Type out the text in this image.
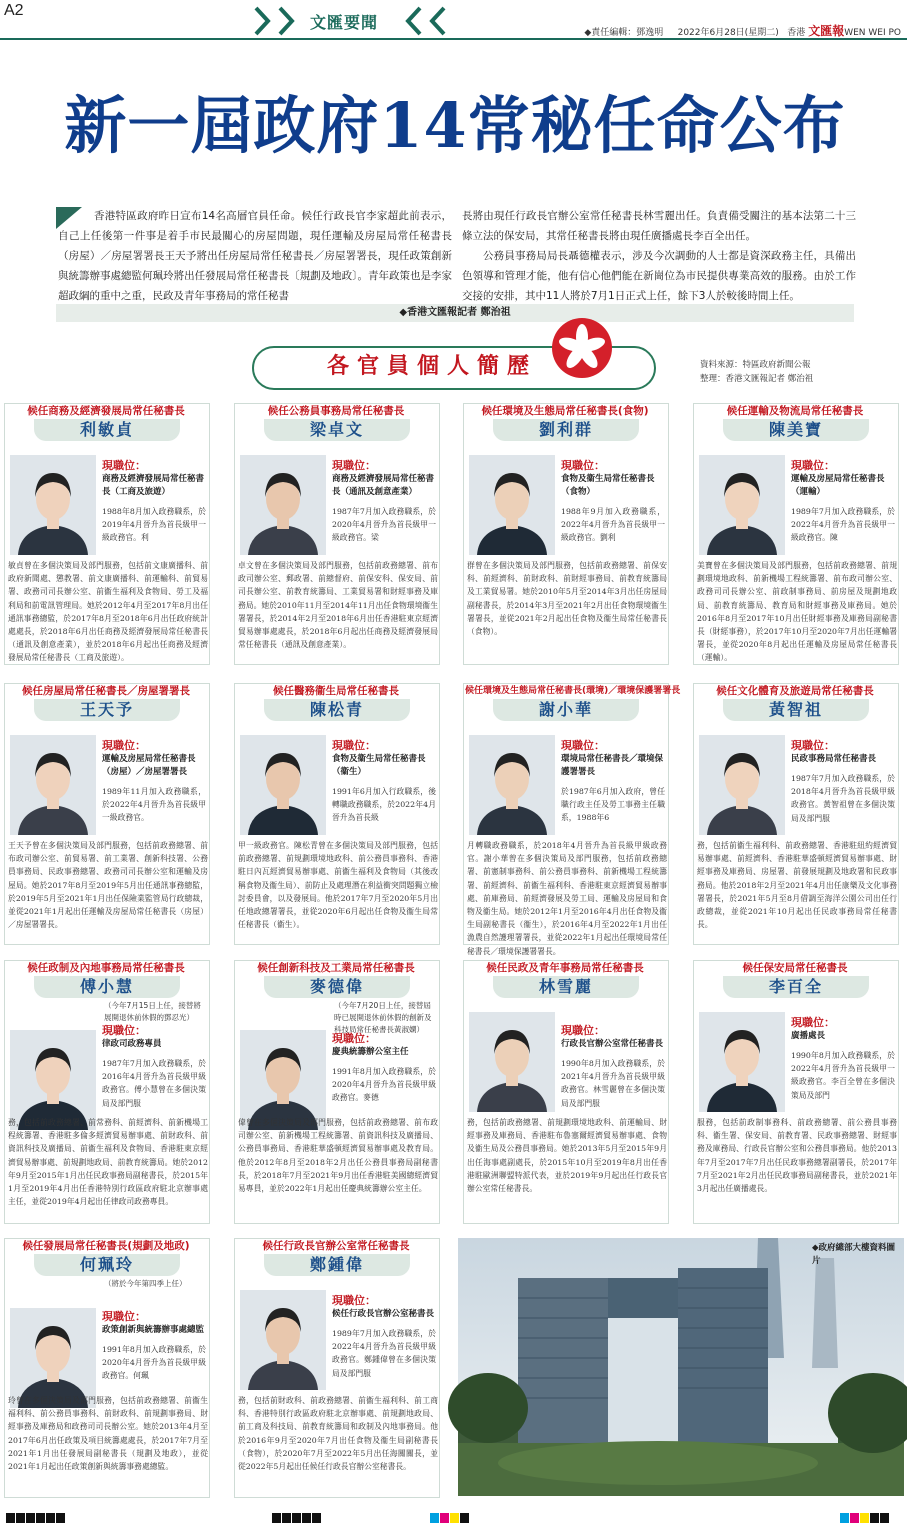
A2
文匯要聞
◆責任編輯：鄧逸明 2022年6月28日(星期二) 香港 文匯報WEN WEI PO
新一屆政府14常秘任命公布

香港特區政府昨日宣布14名高層官員任命。候任行政長官李家超此前表示，自己上任後第一件事是着手市民最關心的房屋問題，現任運輸及房屋局常任秘書長（房屋）／房屋署署長王天予將出任房屋局常任秘書長／房屋署署長，現任政策創新與統籌辦事處總監何珮玲將出任發展局常任秘書長〔規劃及地政〕。青年政策也是李家超政綱的重中之重，民政及青年事務局的常任秘書

長將由現任行政長官辦公室常任秘書長林雪麗出任。負責備受關注的基本法第二十三條立法的保安局，其常任秘書長將由現任廣播處長李百全出任。

公務員事務局局長聶德權表示，涉及今次調動的人士都是資深政務主任，具備出色領導和管理才能，他有信心他們能在新崗位為市民提供專業高效的服務。由於工作交接的安排，其中11人將於7月1日正式上任，餘下3人於較後時間上任。

◆香港文匯報記者 鄭治祖
各官員個人簡歷	資料來源：特區政府新聞公報
整理：香港文匯報記者 鄭治祖
候任商務及經濟發展局常任秘書長
利敏貞
現職位：
商務及經濟發展局常任秘書長（工商及旅遊）
1988年8月加入政務職系，於2019年4月晉升為首長級甲一級政務官。利
敏貞曾在多個決策局及部門服務，包括前文康廣播科、前政府新聞處、懲教署、前文康廣播科、前運輸科、前貿易署、政務司司長辦公室、前衞生福利及食物局、勞工及福利局和前電訊管理局。她於2012年4月至2017年8月出任通訊事務總監，於2017年8月至2018年6月出任政府統計處處長，於2018年6月出任商務及經濟發展局常任秘書長（通訊及創意產業），並於2018年6月起出任商務及經濟發展局常任秘書長（工商及旅遊）。
候任公務員事務局常任秘書長
梁卓文
現職位：
商務及經濟發展局常任秘書長（通訊及創意產業）
1987年7月加入政務職系，於2020年4月晉升為首長級甲一級政務官。梁
卓文曾在多個決策局及部門服務，包括前政務總署、前布政司辦公室、郵政署、前總督府、前保安科、保安局、前司長辦公室、前教育統籌局、工業貿易署和財經事務及庫務局。她於2010年11月至2014年11月出任食物環境衞生署署長，於2014年2月至2018年6月出任香港駐東京經濟貿易辦事處處長，於2018年6月起出任商務及經濟發展局常任秘書長（通訊及創意產業）。
候任環境及生態局常任秘書長(食物)
劉利群
現職位：
食物及衞生局常任秘書長（食物）
1988年9月加入政務職系，2022年4月晉升為首長級甲一級政務官。劉利
群曾在多個決策局及部門服務，包括前政務總署、前保安科、前經濟科、前財政科、前財經事務局、前教育統籌局及工業貿易署。她於2010年5月至2014年3月出任房屋局副秘書長，於2014年3月至2021年2月出任食物環境衞生署署長，並從2021年2月起出任食物及衞生局常任秘書長（食物）。
候任運輸及物流局常任秘書長
陳美寶
現職位：
運輸及房屋局常任秘書長（運輸）
1989年7月加入政務職系，於2022年4月晉升為首長級甲一級政務官。陳
美寶曾在多個決策局及部門服務，包括前政務總署、前規劃環境地政科、前新機場工程統籌署、前布政司辦公室、政務司司長辦公室、前政制事務局、前房屋及規劃地政局、前教育統籌局、教育局和財經事務及庫務局。她於2016年8月至2017年10月出任財經事務及庫務局副秘書長（財經事務），於2017年10月至2020年7月出任運輸署署長，並從2020年8月起出任運輸及房屋局常任秘書長（運輸）。
候任房屋局常任秘書長／房屋署署長
王天予
現職位：
運輸及房屋局常任秘書長（房屋）／房屋署署長
1989年11月加入政務職系，於2022年4月晉升為首長級甲一級政務官。
王天予曾在多個決策局及部門服務，包括前政務總署、前布政司辦公室、前貿易署、前工業署、創新科技署、公務員事務局、民政事務總署、政務司司長辦公室和運輸及房屋局。她於2017年8月至2019年5月出任通訊事務總監，於2019年5月至2021年1月出任保險業監管局行政總裁，並從2021年1月起出任運輸及房屋局常任秘書長（房屋）／房屋署署長。
候任醫務衞生局常任秘書長
陳松青
現職位：
食物及衞生局常任秘書長（衞生）
1991年6月加入行政職系，後轉職政務職系，於2022年4月晉升為首長級
甲一級政務官。陳松青曾在多個決策局及部門服務，包括前政務總署、前規劃環境地政科、前公務員事務科、香港駐日內瓦經濟貿易辦事處、前衞生福利及食物局（其後改稱食物及衞生局）、前防止及處理潛在利益衝突問題獨立檢討委員會，以及發展局。他於2017年7月至2020年5月出任地政總署署長，並從2020年6月起出任食物及衞生局常任秘書長（衞生）。
候任環境及生態局常任秘書長(環境)／環境保護署署長
謝小華
現職位：
環境局常任秘書長／環境保護署署長
於1987年6月加入政府，曾任職行政主任及勞工事務主任職系，1988年6
月轉職政務職系，於2018年4月晉升為首長級甲級政務官。謝小華曾在多個決策局及部門服務，包括前政務總署、前憲制事務科、前公務員事務科、前新機場工程統籌署、前經濟科、前衞生福利科、香港駐東京經濟貿易辦事處、前庫務局、前經濟發展及勞工局、運輸及房屋局和食物及衞生局。她於2012年1月至2016年4月出任食物及衞生局副秘書長（衞生），於2016年4月至2022年1月出任漁農自然護理署署長，並從2022年1月起出任環境局常任秘書長／環境保護署署長。
候任文化體育及旅遊局常任秘書長
黃智祖
現職位：
民政事務局常任秘書長
1987年7月加入政務職系，於2018年4月晉升為首長級甲級政務官。黃智祖曾在多個決策局及部門服
務，包括前衞生福利科、前政務總署、香港駐紐約經濟貿易辦事處、前經濟科、香港駐華盛頓經濟貿易辦事處、財經事務及庫務局、房屋署、前發展規劃及地政署和民政事務局。他於2018年2月至2021年4月出任康樂及文化事務署署長，於2021年5月至8月借調至海洋公園公司出任行政總裁，並從2021年10月起出任民政事務局常任秘書長。
候任政制及內地事務局常任秘書長
傅小慧
（今年7月15日上任，接替將展開退休前休假的鄧忍光）
現職位：
律政司政務專員
1987年7月加入政務職系，於2016年4月晉升為首長級甲級政務官。傅小慧曾在多個決策局及部門服
務，包括前政務總署、前常務科、前經濟科、前新機場工程統籌署、香港駐多倫多經濟貿易辦事處、前財政科、前資訊科技及廣播局、前衞生福利及食物局、香港駐東京經濟貿易辦事處、前規劃地政局、前教育統籌局。她於2012年9月至2015年1月出任民政事務局副秘書長，於2015年1月至2019年4月出任香港特別行政區政府駐北京辦事處主任，並從2019年4月起出任律政司政務專員。
候任創新科技及工業局常任秘書長
麥德偉
（今年7月20日上任，接替屆時已展開退休前休假的創新及科技局常任秘書長黃淑嫻）
現職位：
慶典統籌辦公室主任
1991年8月加入政務職系，於2020年4月晉升為首長級甲級政務官。麥德
偉曾在多個決策局及部門服務，包括前政務總署、前布政司辦公室、前新機場工程統籌署、前資訊科技及廣播局、公務員事務局、香港駐華盛頓經濟貿易辦事處及教育局。他於2012年8月至2018年2月出任公務員事務局副秘書長，於2018年7月至2021年9月出任香港駐美國總經濟貿易專員，並於2022年1月起出任慶典統籌辦公室主任。
候任民政及青年事務局常任秘書長
林雪麗
現職位：
行政長官辦公室常任秘書長
1990年8月加入政務職系，於2021年4月晉升為首長級甲級政務官。林雪麗曾在多個決策局及部門服
務，包括前政務總署、前規劃環境地政科、前運輸局、財經事務及庫務局、香港駐布魯塞爾經濟貿易辦事處、食物及衞生局及公務員事務局。她於2013年5月至2015年9月出任海事處副處長，於2015年10月至2019年8月出任香港駐歐洲聯盟特派代表，並於2019年9月起出任行政長官辦公室常任秘書長。
候任保安局常任秘書長
李百全
現職位：
廣播處長
1990年8月加入政務職系，於2022年4月晉升為首長級甲一級政務官。李百全曾在多個決策局及部門
服務，包括前政制事務科、前政務總署、前公務員事務科、衞生署、保安局、前教育署、民政事務總署、財經事務及庫務局、行政長官辦公室和公務員事務局。他於2013年7月至2017年7月出任民政事務總署副署長，於2017年7月至2021年2月出任民政事務局副秘書長，並於2021年3月起出任廣播處長。
候任發展局常任秘書長(規劃及地政)
何珮玲
（將於今年第四季上任）
現職位：
政策創新與統籌辦事處總監
1991年8月加入政務職系，於2020年4月晉升為首長級甲級政務官。何珮
玲曾在多個決策局及部門服務，包括前政務總署、前衞生福利科、前公務員事務科、前財政科、前規劃事務局、財經事務及庫務局和政務司司長辦公室。她於2013年4月至2017年6月出任政策及項目統籌處處長，於2017年7月至2021年1月出任發展局副秘書長（規劃及地政），並從2021年1月起出任政策創新與統籌事務處總監。
候任行政長官辦公室常任秘書長
鄭鍾偉
現職位：
候任行政長官辦公室秘書長
1989年7月加入政務職系，於2022年4月晉升為首長級甲級政務官。鄭鍾偉曾在多個決策局及部門服
務，包括前財政科、前政務總署、前衞生福利科、前工商科、香港特別行政區政府駐北京辦事處、前規劃地政局、前工商及科技局、前教育統籌局和政制及內地事務局。他於2016年9月至2020年7月出任食物及衞生局副秘書長（食物），於2020年7月至2022年5月出任海關關長，並從2022年5月起出任候任行政長官辦公室秘書長。
◆政府總部大樓資料圖片
